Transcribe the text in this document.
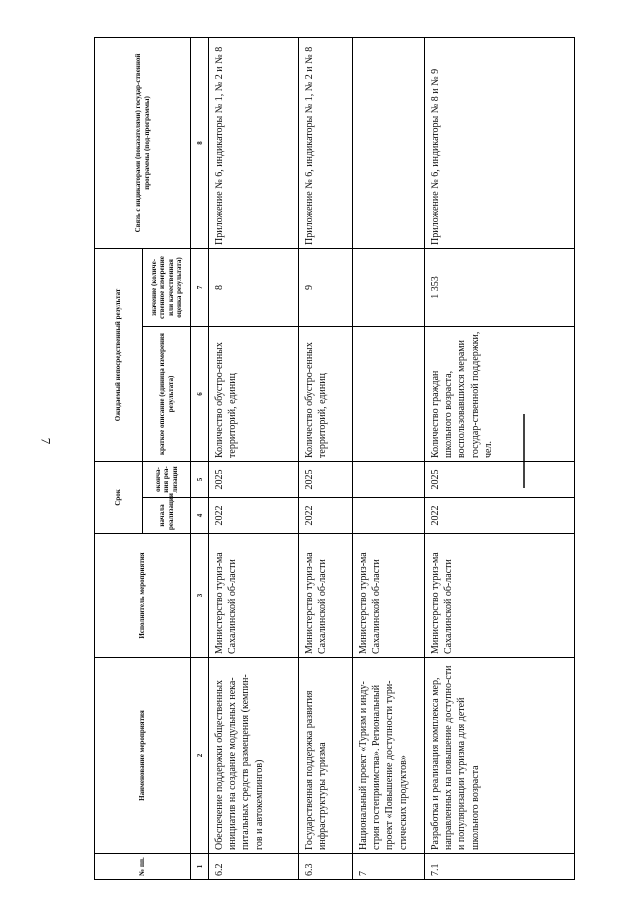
7
№ пп.	Наименование мероприятия	Исполнитель мероприятия	Срок		Ожидаемый непосредственный результат		Связь с индикаторами (показателями) государ-ственной программы (под-программы)
			начала реализации	оконча-ния реа-лизации	краткое описание (единица измерения результата)	значение (количе-ственное измерение или качественная оценка результата)	
1	2	3	4	5	6	7	8
6.2	Обеспечение поддержки общественных инициатив на создание модульных нека-питальных средств размещения (кемпин-гов и автокемпингов)	Министерство туриз-ма Сахалинской об-ласти	2022	2025	Количество обустро-енных территорий, единиц	8	Приложение № 6, индикаторы № 1, № 2 и № 8
6.3	Государственная поддержка развития инфраструктуры туризма	Министерство туриз-ма Сахалинской об-ласти	2022	2025	Количество обустро-енных территорий, единиц	9	Приложение № 6, индикаторы № 1, № 2 и № 8
7	Национальный проект «Туризм и инду-стрия гостеприимства». Региональный проект «Повышение доступности тури-стических продуктов»	Министерство туриз-ма Сахалинской об-ласти					
7.1	Разработка и реализация комплекса мер, направленных на повышение доступно-сти и популяризации туризма для детей школьного возраста	Министерство туриз-ма Сахалинской об-ласти	2022	2025	Количество граждан школьного возраста, воспользовавшихся мерами государ-ственной поддержки, чел.	1 353	Приложение № 6, индикаторы № 8 и № 9
